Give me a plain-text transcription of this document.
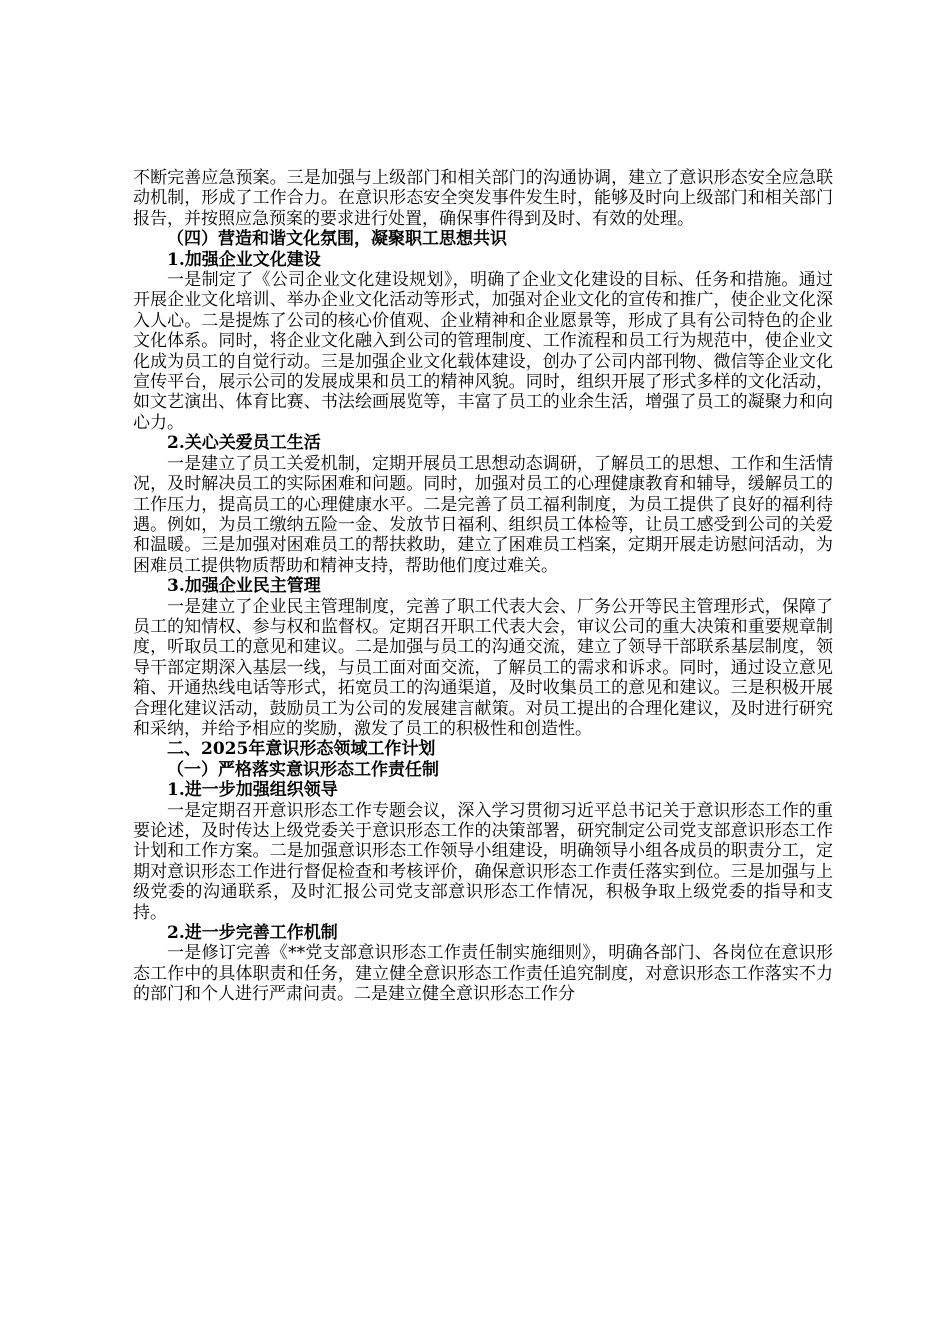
不断完善应急预案。三是加强与上级部门和相关部门的沟通协调，建立了意识形态安全应急联动机制，形成了工作合力。在意识形态安全突发事件发生时，能够及时向上级部门和相关部门报告，并按照应急预案的要求进行处置，确保事件得到及时、有效的处理。

（四）营造和谐文化氛围，凝聚职工思想共识
1.加强企业文化建设

一是制定了《公司企业文化建设规划》，明确了企业文化建设的目标、任务和措施。通过开展企业文化培训、举办企业文化活动等形式，加强对企业文化的宣传和推广，使企业文化深入人心。二是提炼了公司的核心价值观、企业精神和企业愿景等，形成了具有公司特色的企业文化体系。同时，将企业文化融入到公司的管理制度、工作流程和员工行为规范中，使企业文化成为员工的自觉行动。三是加强企业文化载体建设，创办了公司内部刊物、微信等企业文化宣传平台，展示公司的发展成果和员工的精神风貌。同时，组织开展了形式多样的文化活动，如文艺演出、体育比赛、书法绘画展览等，丰富了员工的业余生活，增强了员工的凝聚力和向心力。

2.关心关爱员工生活

一是建立了员工关爱机制，定期开展员工思想动态调研，了解员工的思想、工作和生活情况，及时解决员工的实际困难和问题。同时，加强对员工的心理健康教育和辅导，缓解员工的工作压力，提高员工的心理健康水平。二是完善了员工福利制度，为员工提供了良好的福利待遇。例如，为员工缴纳五险一金、发放节日福利、组织员工体检等，让员工感受到公司的关爱和温暖。三是加强对困难员工的帮扶救助，建立了困难员工档案，定期开展走访慰问活动，为困难员工提供物质帮助和精神支持，帮助他们度过难关。

3.加强企业民主管理

一是建立了企业民主管理制度，完善了职工代表大会、厂务公开等民主管理形式，保障了员工的知情权、参与权和监督权。定期召开职工代表大会，审议公司的重大决策和重要规章制度，听取员工的意见和建议。二是加强与员工的沟通交流，建立了领导干部联系基层制度，领导干部定期深入基层一线，与员工面对面交流，了解员工的需求和诉求。同时，通过设立意见箱、开通热线电话等形式，拓宽员工的沟通渠道，及时收集员工的意见和建议。三是积极开展合理化建议活动，鼓励员工为公司的发展建言献策。对员工提出的合理化建议，及时进行研究和采纳，并给予相应的奖励，激发了员工的积极性和创造性。

二、2025年意识形态领域工作计划
（一）严格落实意识形态工作责任制
1.进一步加强组织领导

一是定期召开意识形态工作专题会议，深入学习贯彻习近平总书记关于意识形态工作的重要论述，及时传达上级党委关于意识形态工作的决策部署，研究制定公司党支部意识形态工作计划和工作方案。二是加强意识形态工作领导小组建设，明确领导小组各成员的职责分工，定期对意识形态工作进行督促检查和考核评价，确保意识形态工作责任落实到位。三是加强与上级党委的沟通联系，及时汇报公司党支部意识形态工作情况，积极争取上级党委的指导和支持。

2.进一步完善工作机制

一是修订完善《**党支部意识形态工作责任制实施细则》，明确各部门、各岗位在意识形态工作中的具体职责和任务，建立健全意识形态工作责任追究制度，对意识形态工作落实不力的部门和个人进行严肃问责。二是建立健全意识形态工作分
